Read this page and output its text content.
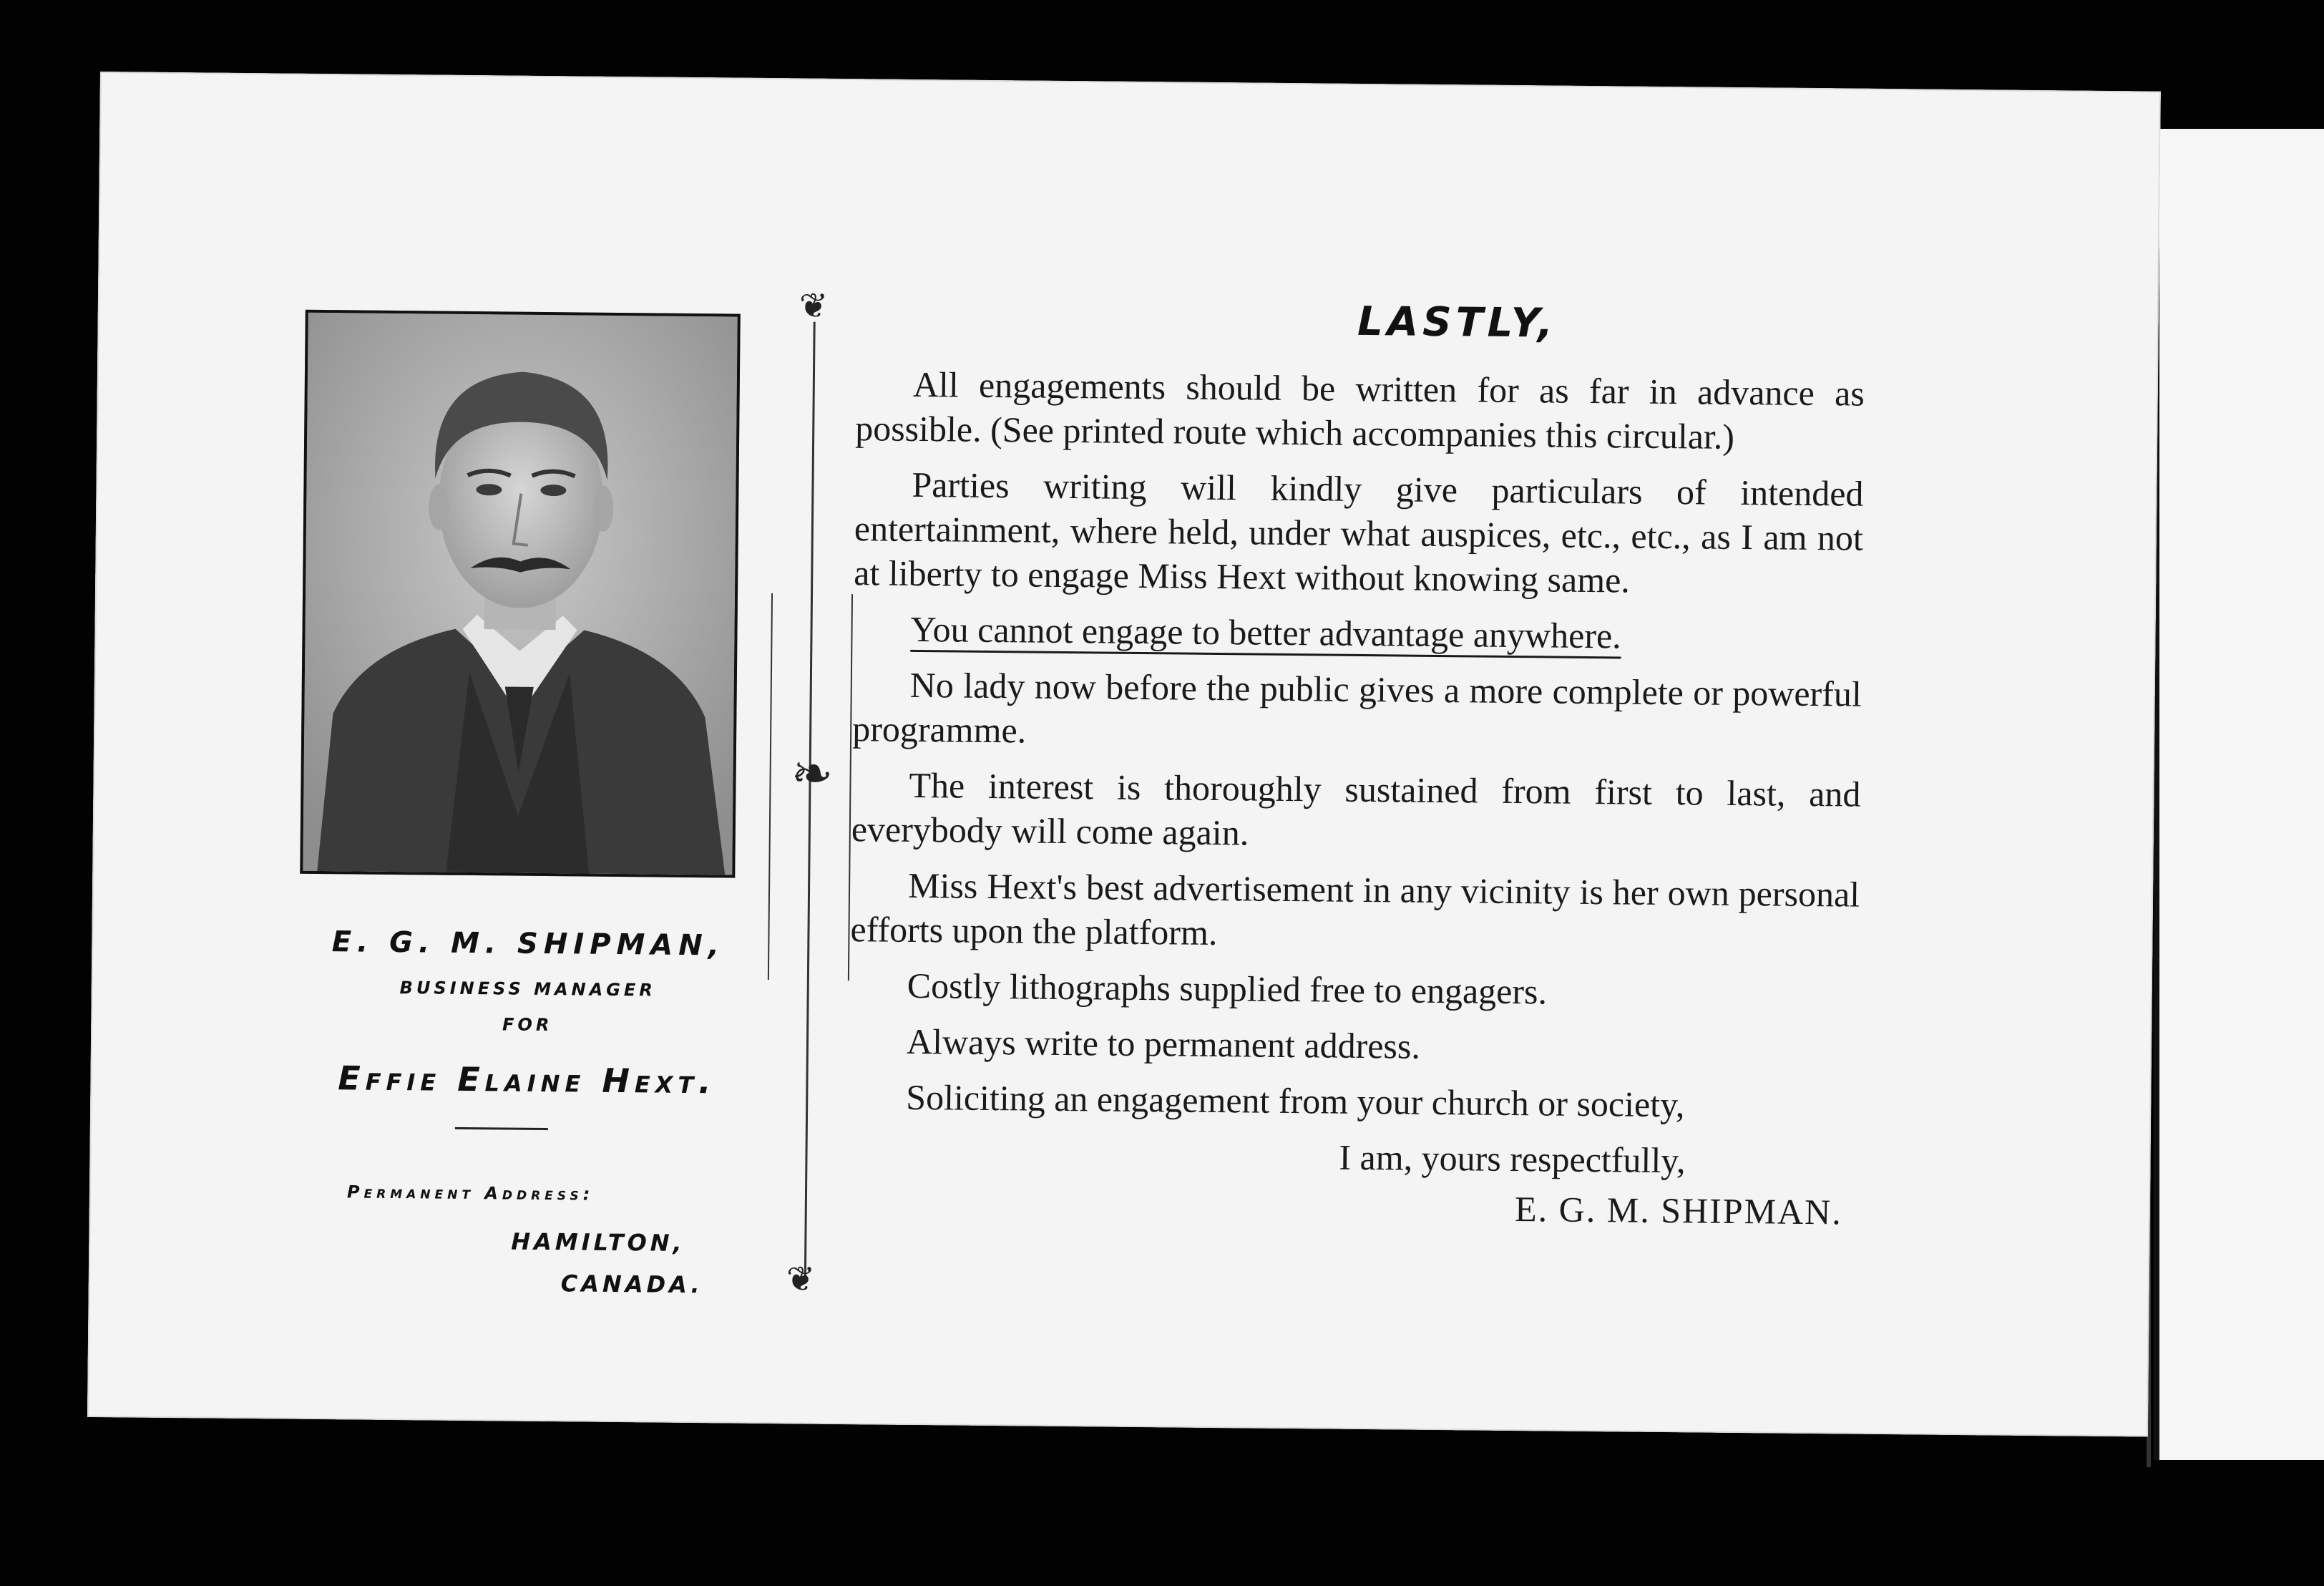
E. G. M. SHIPMAN,
BUSINESS MANAGER
FOR
Effie Elaine Hext.
Permanent Address:
HAMILTON,
CANADA.
❦
❧
❦
LASTLY,

All engagements should be written for as far in advance as possible. (See printed route which accompanies this circular.)

Parties writing will kindly give particulars of intended entertainment, where held, under what auspices, etc., etc., as I am not at liberty to engage Miss Hext without knowing same.

You cannot engage to better advantage anywhere.

No lady now before the public gives a more complete or powerful programme.

The interest is thoroughly sustained from first to last, and everybody will come again.

Miss Hext's best advertisement in any vicinity is her own personal efforts upon the platform.

Costly lithographs supplied free to engagers.

Always write to permanent address.

Soliciting an engagement from your church or society,

I am, yours respectfully,

E. G. M. SHIPMAN.
